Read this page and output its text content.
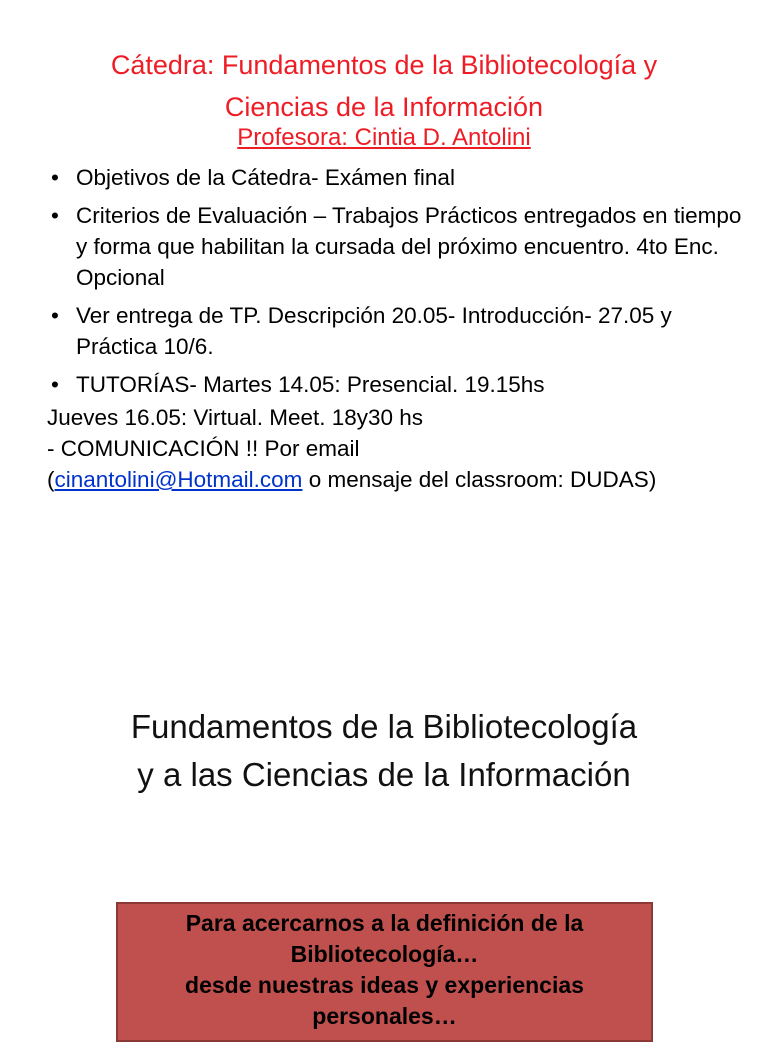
Cátedra: Fundamentos de la Bibliotecología y
Ciencias de la Información
Profesora: Cintia D. Antolini
• Objetivos de la Cátedra- Exámen final
• Criterios de Evaluación – Trabajos Prácticos entregados en tiempo y forma que habilitan la cursada del próximo encuentro. 4to Enc. Opcional
• Ver entrega de TP. Descripción 20.05- Introducción- 27.05 y Práctica 10/6.
• TUTORÍAS- Martes 14.05: Presencial. 19.15hs
Jueves 16.05: Virtual. Meet. 18y30 hs
- COMUNICACIÓN !! Por email
(cinantolini@Hotmail.com o mensaje del classroom: DUDAS)
Fundamentos de la Bibliotecología
y a las Ciencias de la Información
Para acercarnos a la definición de la Bibliotecología…
desde nuestras ideas y experiencias personales…
